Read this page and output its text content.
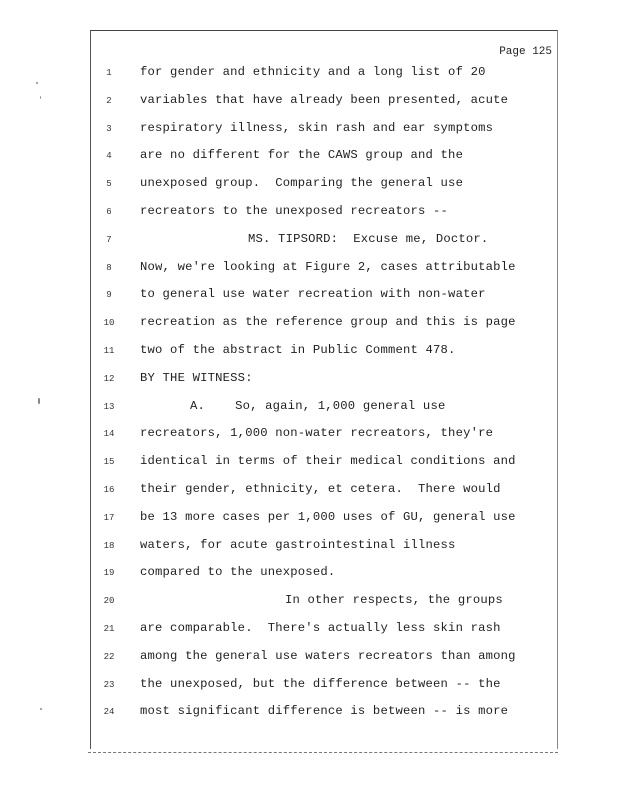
Page 125
1	for gender and ethnicity and a long list of 20
2	variables that have already been presented, acute
3	respiratory illness, skin rash and ear symptoms
4	are no different for the CAWS group and the
5	unexposed group.  Comparing the general use
6	recreators to the unexposed recreators --
7	MS. TIPSORD:  Excuse me, Doctor.
8	Now, we're looking at Figure 2, cases attributable
9	to general use water recreation with non-water
10	recreation as the reference group and this is page
11	two of the abstract in Public Comment 478.
12	BY THE WITNESS:
13	A.    So, again, 1,000 general use
14	recreators, 1,000 non-water recreators, they're
15	identical in terms of their medical conditions and
16	their gender, ethnicity, et cetera.  There would
17	be 13 more cases per 1,000 uses of GU, general use
18	waters, for acute gastrointestinal illness
19	compared to the unexposed.
20	In other respects, the groups
21	are comparable.  There's actually less skin rash
22	among the general use waters recreators than among
23	the unexposed, but the difference between -- the
24	most significant difference is between -- is more
